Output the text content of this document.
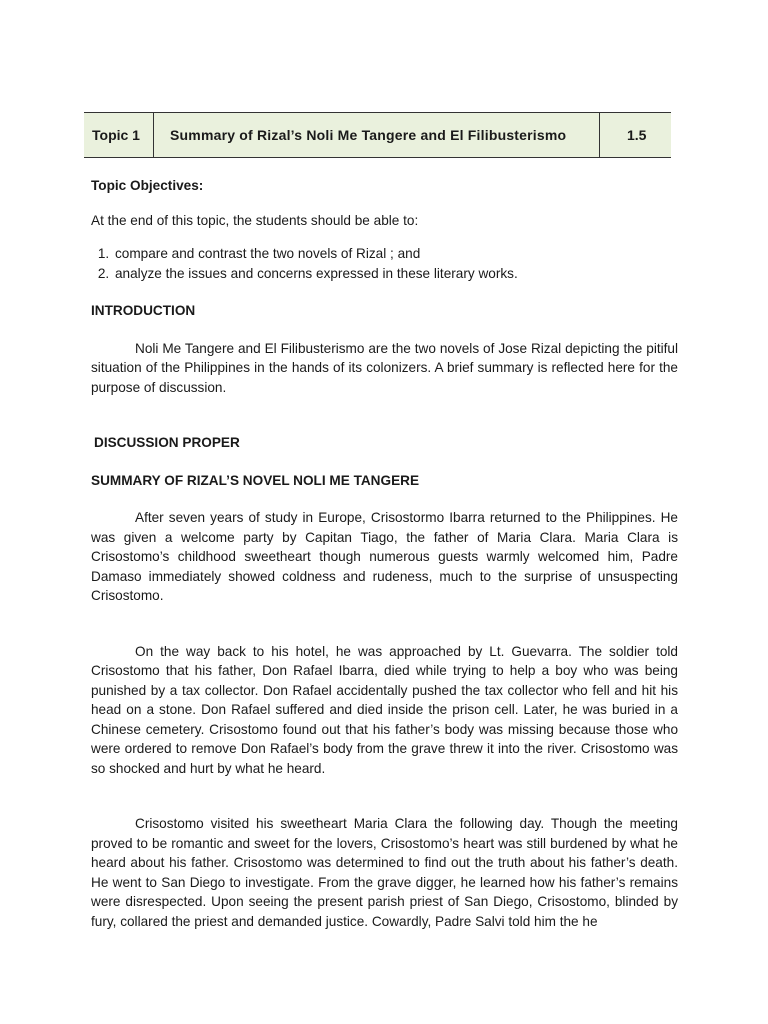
Topic 1	Summary of Rizal’s Noli Me Tangere and El Filibusterismo	1.5

Topic Objectives:

At the end of this topic, the students should be able to:

1. compare and contrast the two novels of Rizal ; and
2. analyze the issues and concerns expressed in these literary works.

INTRODUCTION

Noli Me Tangere and El Filibusterismo are the two novels of Jose Rizal depicting the pitiful situation of the Philippines in the hands of its colonizers. A brief summary is reflected here for the purpose of discussion.

DISCUSSION PROPER

SUMMARY OF RIZAL’S NOVEL NOLI ME TANGERE

After seven years of study in Europe, Crisostormo Ibarra returned to the Philippines. He was given a welcome party by Capitan Tiago, the father of Maria Clara. Maria Clara is Crisostomo’s childhood sweetheart though numerous guests warmly welcomed him, Padre Damaso immediately showed coldness and rudeness, much to the surprise of unsuspecting Crisostomo.

On the way back to his hotel, he was approached by Lt. Guevarra. The soldier told Crisostomo that his father, Don Rafael Ibarra, died while trying to help a boy who was being punished by a tax collector. Don Rafael accidentally pushed the tax collector who fell and hit his head on a stone. Don Rafael suffered and died inside the prison cell. Later, he was buried in a Chinese cemetery. Crisostomo found out that his father’s body was missing because those who were ordered to remove Don Rafael’s body from the grave threw it into the river. Crisostomo was so shocked and hurt by what he heard.

Crisostomo visited his sweetheart Maria Clara the following day. Though the meeting proved to be romantic and sweet for the lovers, Crisostomo’s heart was still burdened by what he heard about his father. Crisostomo was determined to find out the truth about his father’s death. He went to San Diego to investigate. From the grave digger, he learned how his father’s remains were disrespected. Upon seeing the present parish priest of San Diego, Crisostomo, blinded by fury, collared the priest and demanded justice. Cowardly, Padre Salvi told him the he
